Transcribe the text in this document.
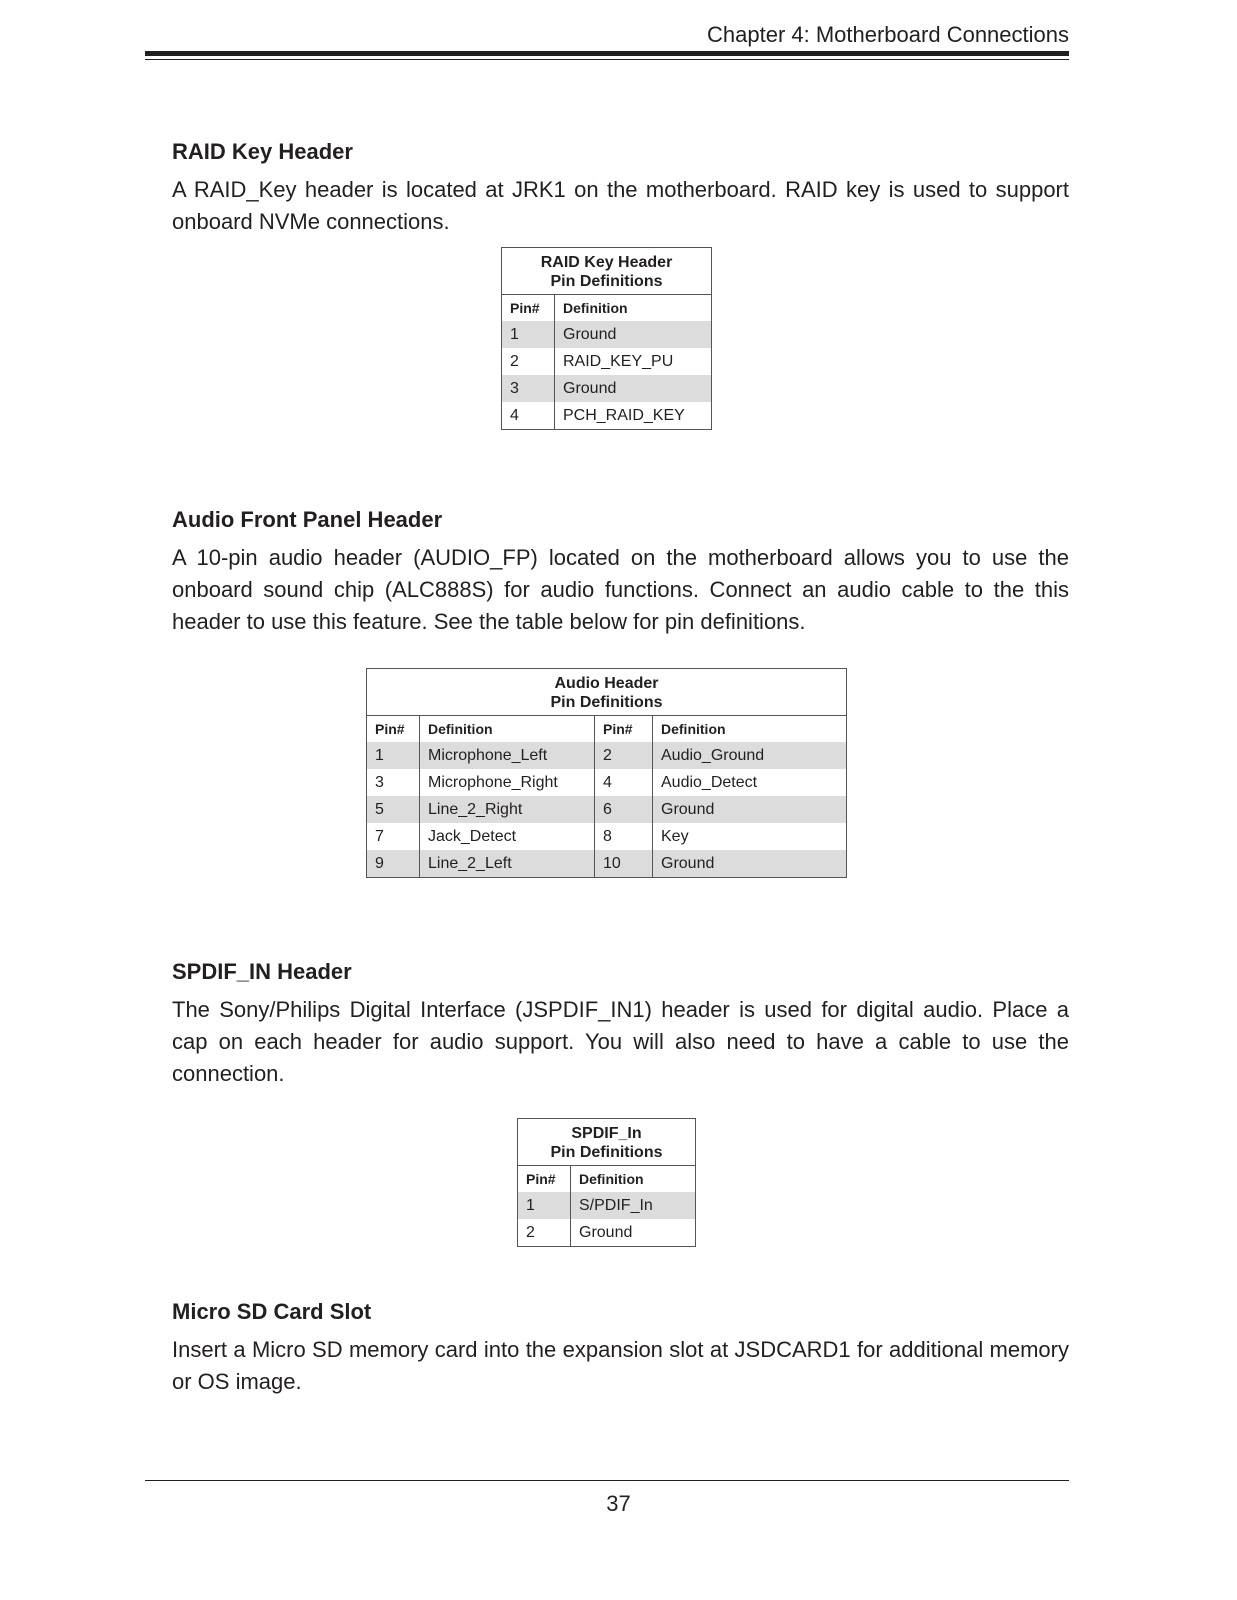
Chapter 4: Motherboard Connections
RAID Key Header

A RAID_Key header is located at JRK1 on the motherboard. RAID key is used to support onboard NVMe connections.

RAID Key Header
Pin Definitions	
Pin#	Definition
1	Ground
2	RAID_KEY_PU
3	Ground
4	PCH_RAID_KEY
Audio Front Panel Header

A 10-pin audio header (AUDIO_FP) located on the motherboard allows you to use the onboard sound chip (ALC888S) for audio functions. Connect an audio cable to the this header to use this feature. See the table below for pin definitions.

Audio Header
Pin Definitions			
Pin#	Definition	Pin#	Definition
1	Microphone_Left	2	Audio_Ground
3	Microphone_Right	4	Audio_Detect
5	Line_2_Right	6	Ground
7	Jack_Detect	8	Key
9	Line_2_Left	10	Ground
SPDIF_IN Header

The Sony/Philips Digital Interface (JSPDIF_IN1) header is used for digital audio. Place a cap on each header for audio support. You will also need to have a cable to use the connection.

SPDIF_In
Pin Definitions	
Pin#	Definition
1	S/PDIF_In
2	Ground
Micro SD Card Slot

Insert a Micro SD memory card into the expansion slot at JSDCARD1 for additional memory or OS image.

37
